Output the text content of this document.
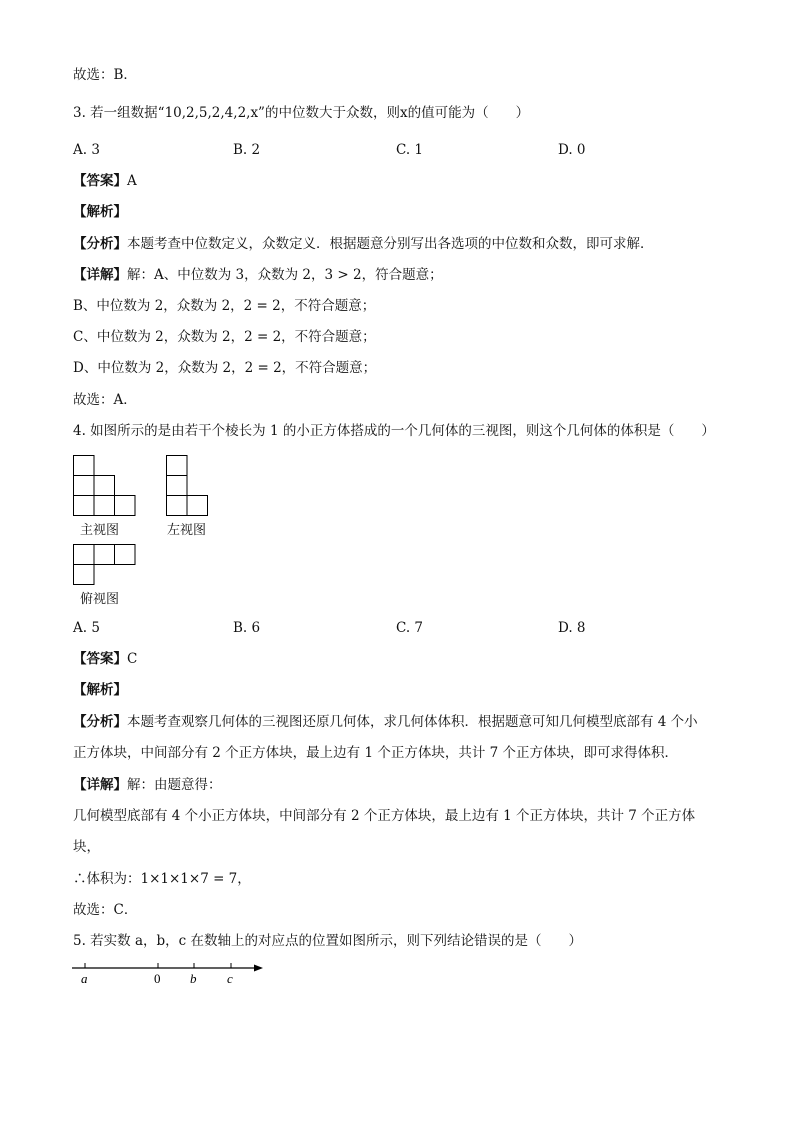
故选：B．
3. 若一组数据“10,2,5,2,4,2,x”的中位数大于众数，则x的值可能为（　　）
A. 3	B. 2	C. 1	D. 0
【答案】A
【解析】
【分析】本题考查中位数定义，众数定义．根据题意分别写出各选项的中位数和众数，即可求解．
【详解】解：A、中位数为 3，众数为 2，3 > 2，符合题意；
B、中位数为 2，众数为 2，2 = 2，不符合题意；
C、中位数为 2，众数为 2，2 = 2，不符合题意；
D、中位数为 2，众数为 2，2 = 2，不符合题意；
故选：A．
4. 如图所示的是由若干个棱长为 1 的小正方体搭成的一个几何体的三视图，则这个几何体的体积是（　　）
主视图	左视图
俯视图
A. 5	B. 6	C. 7	D. 8
【答案】C
【解析】
【分析】本题考查观察几何体的三视图还原几何体，求几何体体积．根据题意可知几何模型底部有 4 个小
正方体块，中间部分有 2 个正方体块，最上边有 1 个正方体块，共计 7 个正方体块，即可求得体积．
【详解】解：由题意得：
几何模型底部有 4 个小正方体块，中间部分有 2 个正方体块，最上边有 1 个正方体块，共计 7 个正方体
块，
∴体积为：1×1×1×7 = 7，
故选：C．
5. 若实数 a，b，c 在数轴上的对应点的位置如图所示，则下列结论错误的是（　　）
a	0 b c
